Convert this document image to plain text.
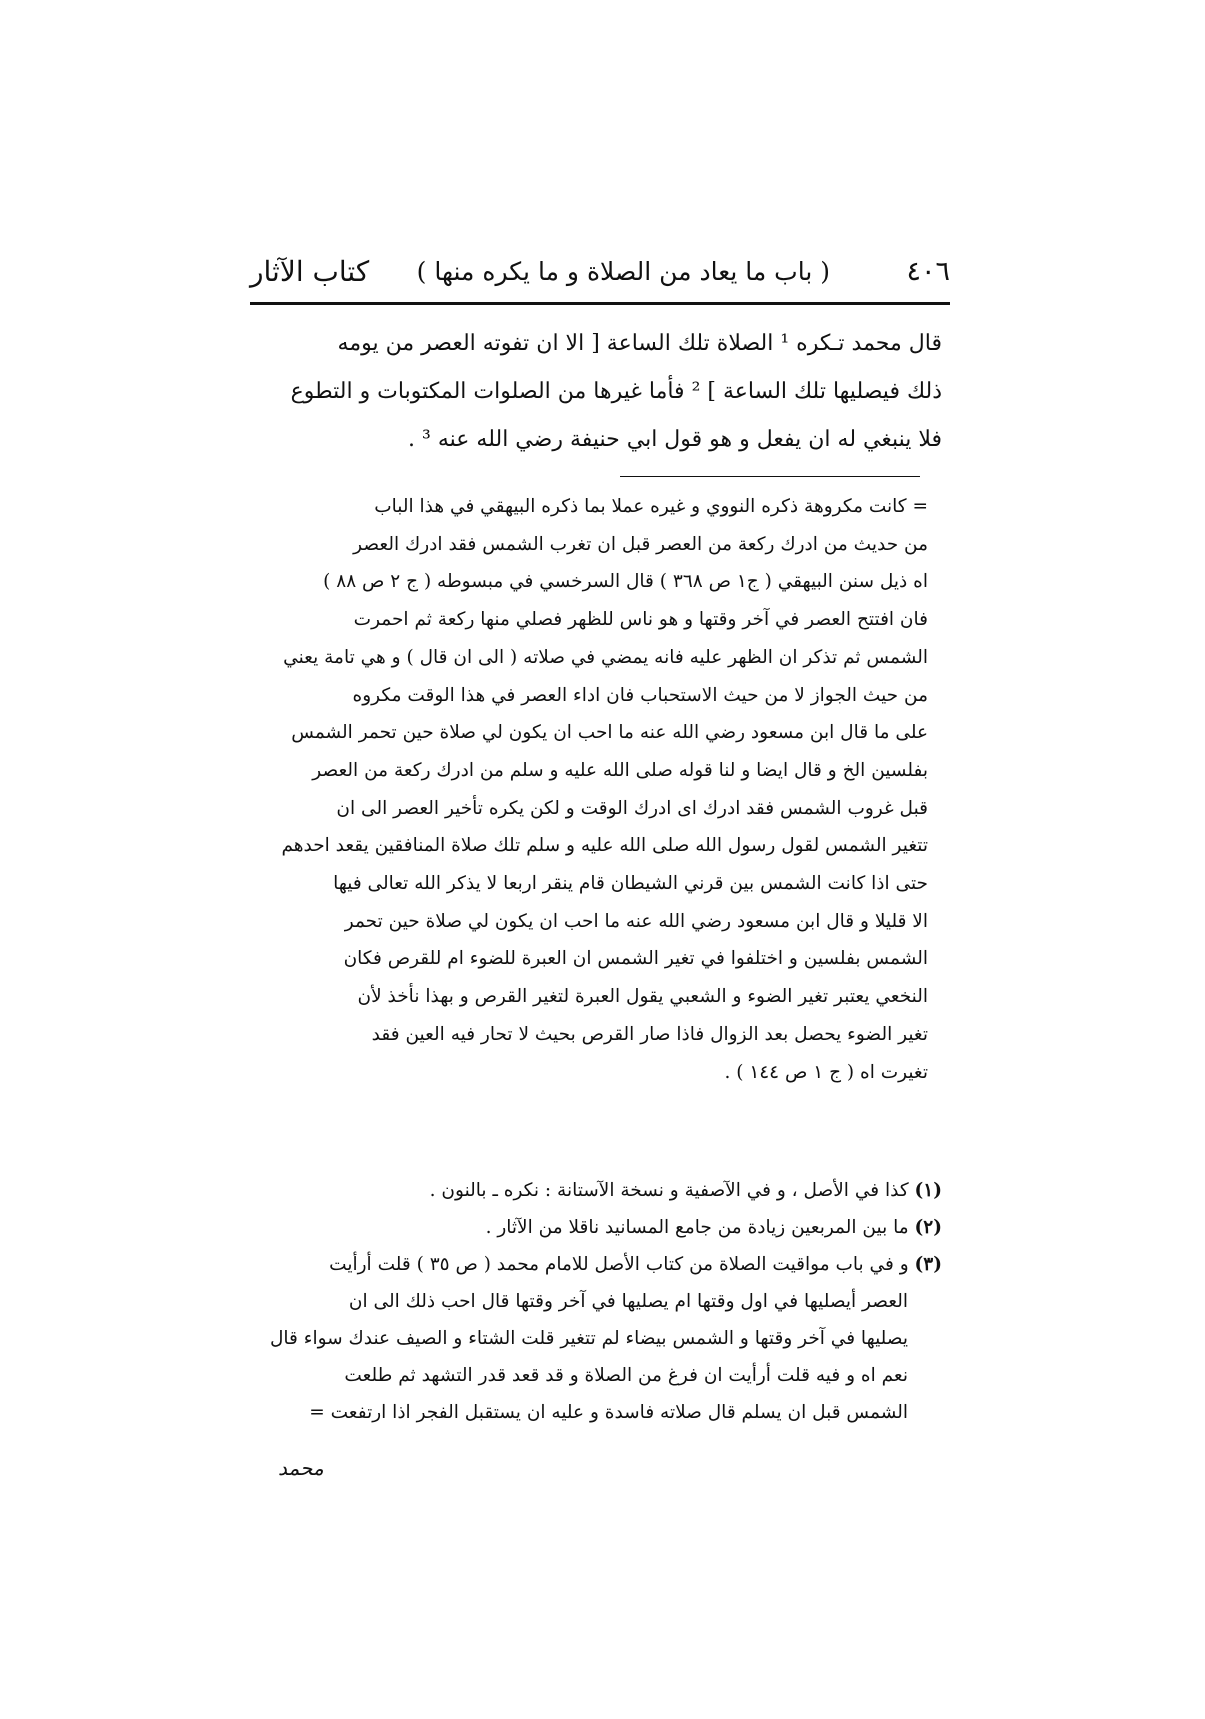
٤٠٦
( باب ما يعاد من الصلاة و ما يكره منها )
كتاب الآثار
قال محمد تـكره ¹ الصلاة تلك الساعة [ الا ان تفوته العصر من يومه
ذلك فيصليها تلك الساعة ] ² فأما غيرها من الصلوات المكتوبات و التطوع
فلا ينبغي له ان يفعل و هو قول ابي حنيفة رضي الله عنه ³ .
= كانت مكروهة ذكره النووي و غيره عملا بما ذكره البيهقي في هذا الباب
من حديث من ادرك ركعة من العصر قبل ان تغرب الشمس فقد ادرك العصر
اه ذيل سنن البيهقي ( ج١ ص ٣٦٨ ) قال السرخسي في مبسوطه ( ج ٢ ص ٨٨ )
فان افتتح العصر في آخر وقتها و هو ناس للظهر فصلي منها ركعة ثم احمرت
الشمس ثم تذكر ان الظهر عليه فانه يمضي في صلاته ( الى ان قال ) و هي تامة يعني
من حيث الجواز لا من حيث الاستحباب فان اداء العصر في هذا الوقت مكروه
على ما قال ابن مسعود رضي الله عنه ما احب ان يكون لي صلاة حين تحمر الشمس
بفلسين الخ و قال ايضا و لنا قوله صلى الله عليه و سلم من ادرك ركعة من العصر
قبل غروب الشمس فقد ادرك اى ادرك الوقت و لكن يكره تأخير العصر الى ان
تتغير الشمس لقول رسول الله صلى الله عليه و سلم تلك صلاة المنافقين يقعد احدهم
حتى اذا كانت الشمس بين قرني الشيطان قام ينقر اربعا لا يذكر الله تعالى فيها
الا قليلا و قال ابن مسعود رضي الله عنه ما احب ان يكون لي صلاة حين تحمر
الشمس بفلسين و اختلفوا في تغير الشمس ان العبرة للضوء ام للقرص فكان
النخعي يعتبر تغير الضوء و الشعبي يقول العبرة لتغير القرص و بهذا نأخذ لأن
تغير الضوء يحصل بعد الزوال فاذا صار القرص بحيث لا تحار فيه العين فقد
تغيرت اه ( ج ١ ص ١٤٤ ) .
(١) كذا في الأصل ، و في الآصفية و نسخة الآستانة : نكره ـ بالنون .
(٢) ما بين المربعين زيادة من جامع المسانيد ناقلا من الآثار .
(٣) و في باب مواقيت الصلاة من كتاب الأصل للامام محمد ( ص ٣٥ ) قلت أرأيت
العصر أيصليها في اول وقتها ام يصليها في آخر وقتها قال احب ذلك الى ان
يصليها في آخر وقتها و الشمس بيضاء لم تتغير قلت الشتاء و الصيف عندك سواء قال
نعم اه و فيه قلت أرأيت ان فرغ من الصلاة و قد قعد قدر التشهد ثم طلعت
الشمس قبل ان يسلم قال صلاته فاسدة و عليه ان يستقبل الفجر اذا ارتفعت =
محمد
